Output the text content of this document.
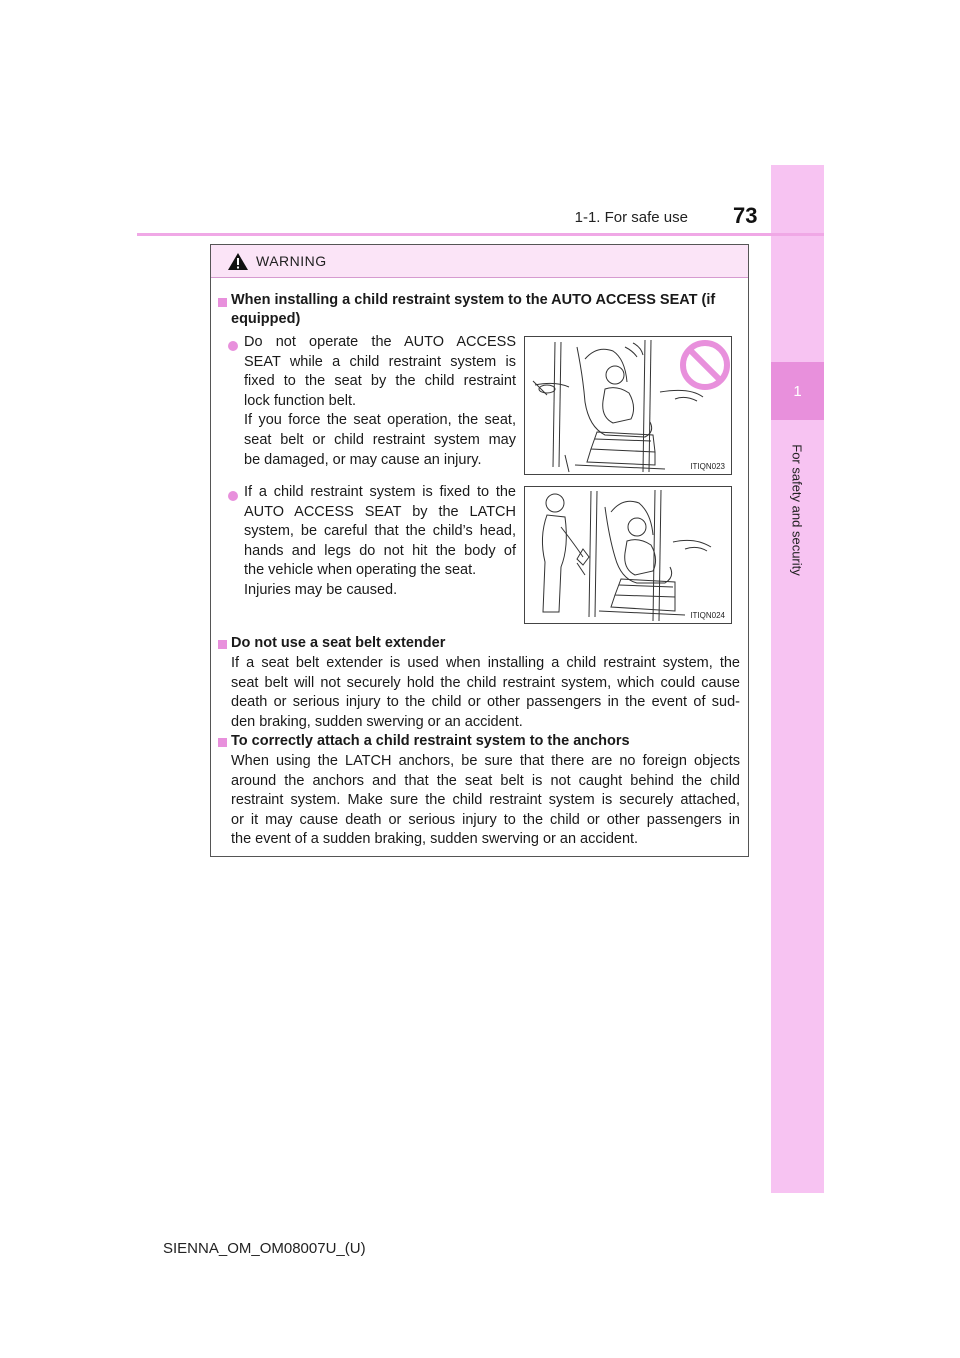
1
For safety and security
1-1. For safe use 73
WARNING
When installing a child restraint system to the AUTO ACCESS SEAT (if equipped)
Do not operate the AUTO ACCESS
SEAT while a child restraint system is
fixed to the seat by the child restraint
lock function belt.
If you force the seat operation, the seat,
seat belt or child restraint system may
be damaged, or may cause an injury.	ITIQN023
If a child restraint system is fixed to the
AUTO ACCESS SEAT by the LATCH
system, be careful that the child’s head,
hands and legs do not hit the body of
the vehicle when operating the seat.
Injuries may be caused.
ITIQN024
Do not use a seat belt extender
If a seat belt extender is used when installing a child restraint system, the
seat belt will not securely hold the child restraint system, which could cause
death or serious injury to the child or other passengers in the event of sud-
den braking, sudden swerving or an accident.
To correctly attach a child restraint system to the anchors
When using the LATCH anchors, be sure that there are no foreign objects
around the anchors and that the seat belt is not caught behind the child
restraint system. Make sure the child restraint system is securely attached,
or it may cause death or serious injury to the child or other passengers in
the event of a sudden braking, sudden swerving or an accident.
SIENNA_OM_OM08007U_(U)
